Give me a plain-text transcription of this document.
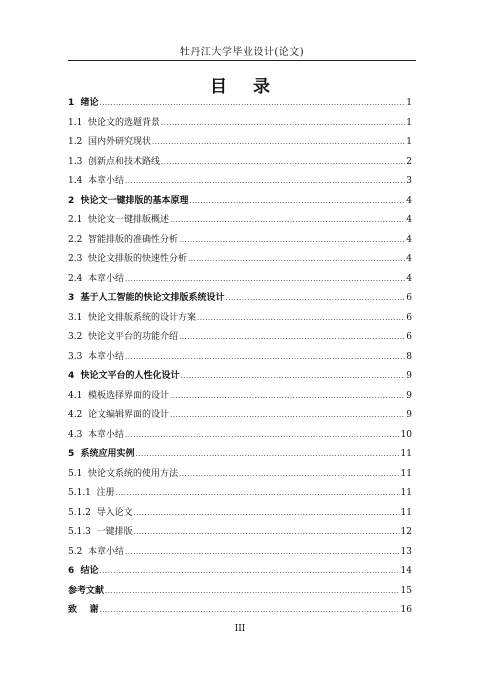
牡丹江大学毕业设计(论文)
目 录
1  绪论 .....	1
1.1  快论文的选题背景 .....	1
1.2  国内外研究现状 .....	1
1.3  创新点和技术路线 .....	2
1.4  本章小结 .....	3
2  快论文一键排版的基本原理 .....	4
2.1  快论文一键排版概述 .....	4
2.2  智能排版的准确性分析 .....	4
2.3  快论文排版的快速性分析 .....	4
2.4  本章小结 .....	4
3  基于人工智能的快论文排版系统设计 .....	6
3.1  快论文排版系统的设计方案 .....	6
3.2  快论文平台的功能介绍 .....	6
3.3  本章小结 .....	8
4  快论文平台的人性化设计 .....	9
4.1  模板选择界面的设计 .....	9
4.2  论文编辑界面的设计 .....	9
4.3  本章小结 .....	10
5  系统应用实例 .....	11
5.1  快论文系统的使用方法 .....	11
5.1.1  注册 .....	11
5.1.2  导入论文 .....	11
5.1.3  一键排版 .....	12
5.2  本章小结 .....	13
6  结论 .....	14
参考文献 .....	15
致    谢 .....	16
III
